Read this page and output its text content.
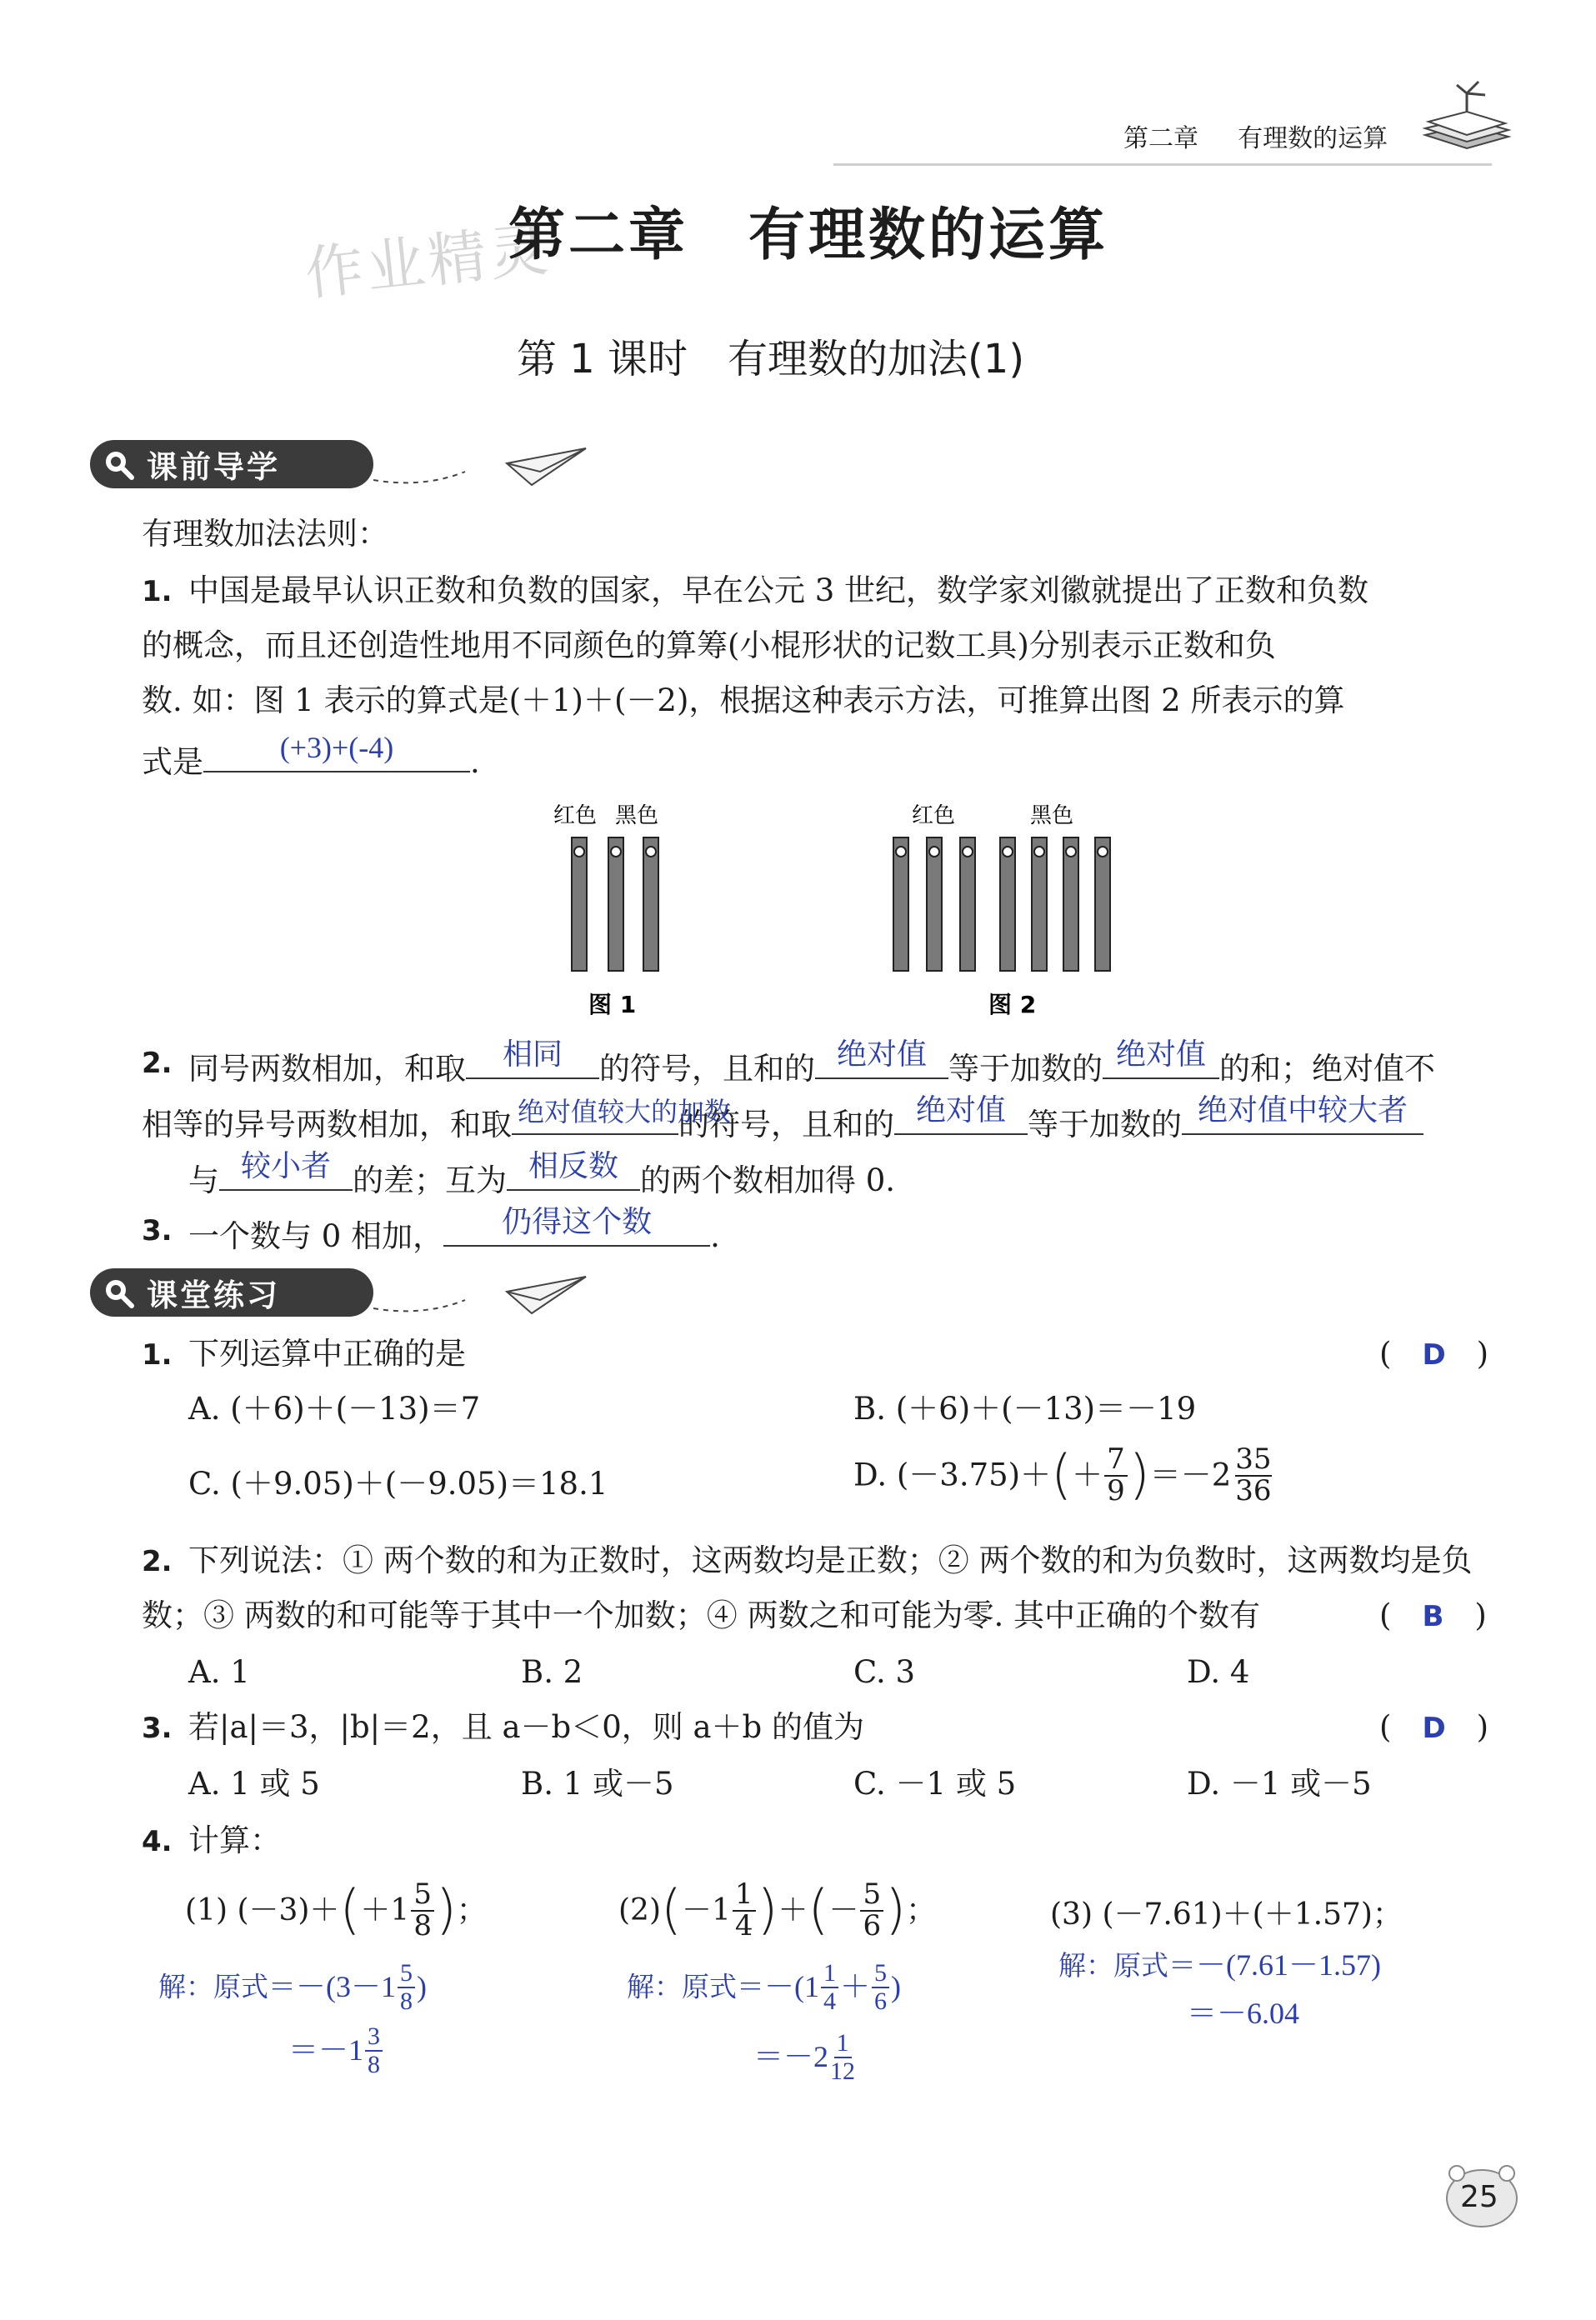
第二章 有理数的运算
作业精灵
第二章　有理数的运算
第 1 课时　有理数的加法(1)
课前导学
有理数加法法则：
1. 中国是最早认识正数和负数的国家，早在公元 3 世纪，数学家刘徽就提出了正数和负数
的概念，而且还创造性地用不同颜色的算筹(小棍形状的记数工具)分别表示正数和负
数. 如：图 1 表示的算式是(＋1)＋(－2)，根据这种表示方法，可推算出图 2 所表示的算
式是	(+3)+(-4)	.
红色 黑色
图 1
红色	黑色
图 2
2. 同号两数相加，和取	相同	的符号，且和的 绝对值 等于加数的 绝对值 的和；绝对值不
相等的异号两数相加，和取 绝对值较大的加数
的符号，且和的 绝对值 等于加数的 绝对值中较大者
与 较小者 的差；互为 相反数 的两个数相加得 0.
3. 一个数与 0 相加，	仍得这个数	.
课堂练习
1. 下列运算中正确的是	(　D　)
A. (＋6)＋(－13)＝7	B. (＋6)＋(－13)＝－19
C. (＋9.05)＋(－9.05)＝18.1	D. $(-3.75)+(+ \frac{7}{9} )=-2 \frac{35}{36}$
2. 下列说法：① 两个数的和为正数时，这两数均是正数；② 两个数的和为负数时，这两数均是负
数；③ 两数的和可能等于其中一个加数；④ 两数之和可能为零. 其中正确的个数有	(　B　)
A. 1	B. 2	C. 3	D. 4
3. 若|a|＝3，|b|＝2，且 a－b＜0，则 a＋b 的值为	(　D　)
A. 1 或 5	B. 1 或－5	C. －1 或 5	D. －1 或－5
4. 计算：
(1) $(-3)+(+1 \frac{5}{8}$ )；
解：原式$=-(3-1 \frac{5}{8}$ )
$=-1 \frac{3}{8}$
$(2)(-1 \frac{1}{4}$ )＋(－ $\frac{5}{6}$ )；
解：原式$=-(1 \frac{1}{4} + \frac{5}{6}$ )
$=-2 \frac{1}{12}$
(3) (－7.61)＋(＋1.57)；
解：原式＝－(7.61－1.57)
＝－6.04
25
